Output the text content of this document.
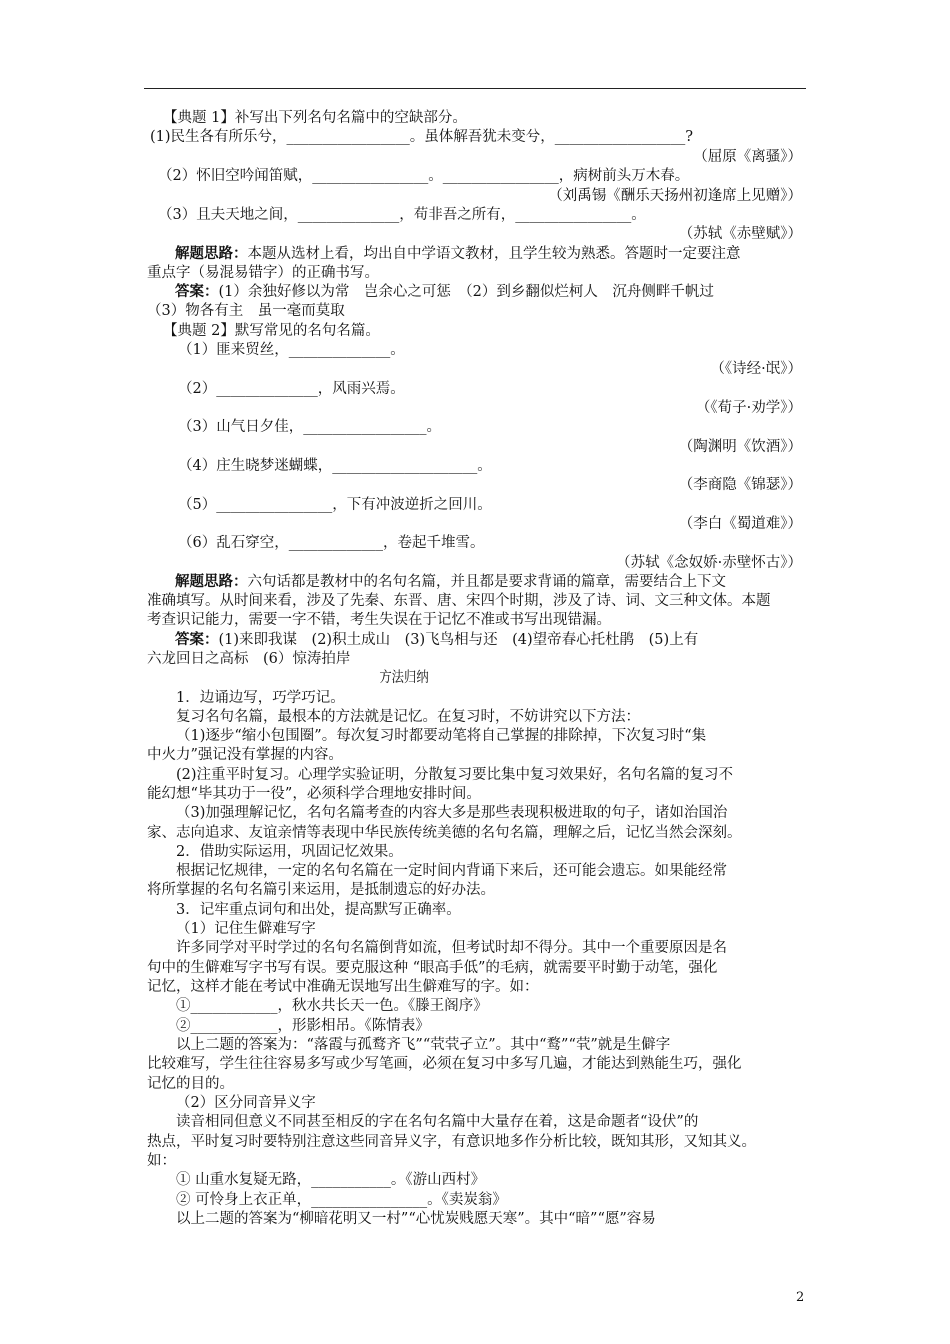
【典题 1】补写出下列名句名篇中的空缺部分。
(1)民生各有所乐兮，_________________。虽体解吾犹未变兮，__________________?
（屈原《离骚》）
（2）怀旧空吟闻笛赋，________________。________________，病树前头万木春。
（刘禹锡《酬乐天扬州初逢席上见赠》）
（3）且夫天地之间，______________，苟非吾之所有，________________。
（苏轼《赤壁赋》）
解题思路：本题从选材上看，均出自中学语文教材，且学生较为熟悉。答题时一定要注意
重点字（易混易错字）的正确书写。
答案：(1）余独好修以为常　岂余心之可惩　（2）到乡翻似烂柯人　沉舟侧畔千帆过
（3）物各有主　虽一毫而莫取
【典题 2】默写常见的名句名篇。
（1）匪来贸丝，______________。
（《诗经·氓》）
（2）______________，风雨兴焉。
（《荀子·劝学》）
（3）山气日夕佳，_________________。
（陶渊明《饮酒》）
（4）庄生晓梦迷蝴蝶，____________________。
（李商隐《锦瑟》）
（5）________________，下有冲波逆折之回川。
（李白《蜀道难》）
（6）乱石穿空，_____________，卷起千堆雪。
（苏轼《念奴娇·赤壁怀古》）
解题思路：六句话都是教材中的名句名篇，并且都是要求背诵的篇章，需要结合上下文
准确填写。从时间来看，涉及了先秦、东晋、唐、宋四个时期，涉及了诗、词、文三种文体。本题
考查识记能力，需要一字不错，考生失误在于记忆不准或书写出现错漏。
答案：(1)来即我谋　(2)积土成山　(3)飞鸟相与还　(4)望帝春心托杜鹃　(5)上有
六龙回日之高标　(6）惊涛拍岸
方法归纳
1．边诵边写，巧学巧记。
复习名句名篇，最根本的方法就是记忆。在复习时，不妨讲究以下方法：
（1)逐步“缩小包围圈”。每次复习时都要动笔将自己掌握的排除掉，下次复习时“集
中火力”强记没有掌握的内容。
(2)注重平时复习。心理学实验证明，分散复习要比集中复习效果好，名句名篇的复习不
能幻想“毕其功于一役”，必须科学合理地安排时间。
（3)加强理解记忆，名句名篇考查的内容大多是那些表现积极进取的句子，诸如治国治
家、志向追求、友谊亲情等表现中华民族传统美德的名句名篇，理解之后，记忆当然会深刻。
2．借助实际运用，巩固记忆效果。
根据记忆规律，一定的名句名篇在一定时间内背诵下来后，还可能会遗忘。如果能经常
将所掌握的名句名篇引来运用，是抵制遗忘的好办法。
3．记牢重点词句和出处，提高默写正确率。
（1）记住生僻难写字
许多同学对平时学过的名句名篇倒背如流，但考试时却不得分。其中一个重要原因是名
句中的生僻难写字书写有误。要克服这种 “眼高手低”的毛病，就需要平时勤于动笔，强化
记忆，这样才能在考试中准确无误地写出生僻难写的字。如：
①____________，秋水共长天一色。《滕王阁序》
②____________，形影相吊。《陈情表》
以上二题的答案为：“落霞与孤鹜齐飞”“茕茕孑立”。其中“鹜”“茕”就是生僻字
比较难写，学生往往容易多写或少写笔画，必须在复习中多写几遍，才能达到熟能生巧，强化
记忆的目的。
（2）区分同音异义字
读音相同但意义不同甚至相反的字在名句名篇中大量存在着，这是命题者“设伏”的
热点，平时复习时要特别注意这些同音异义字，有意识地多作分析比较，既知其形，又知其义。
如：
① 山重水复疑无路，___________。《游山西村》
② 可怜身上衣正单，________________。《卖炭翁》
以上二题的答案为“柳暗花明又一村”“心忧炭贱愿天寒”。其中“暗”“愿”容易
2
